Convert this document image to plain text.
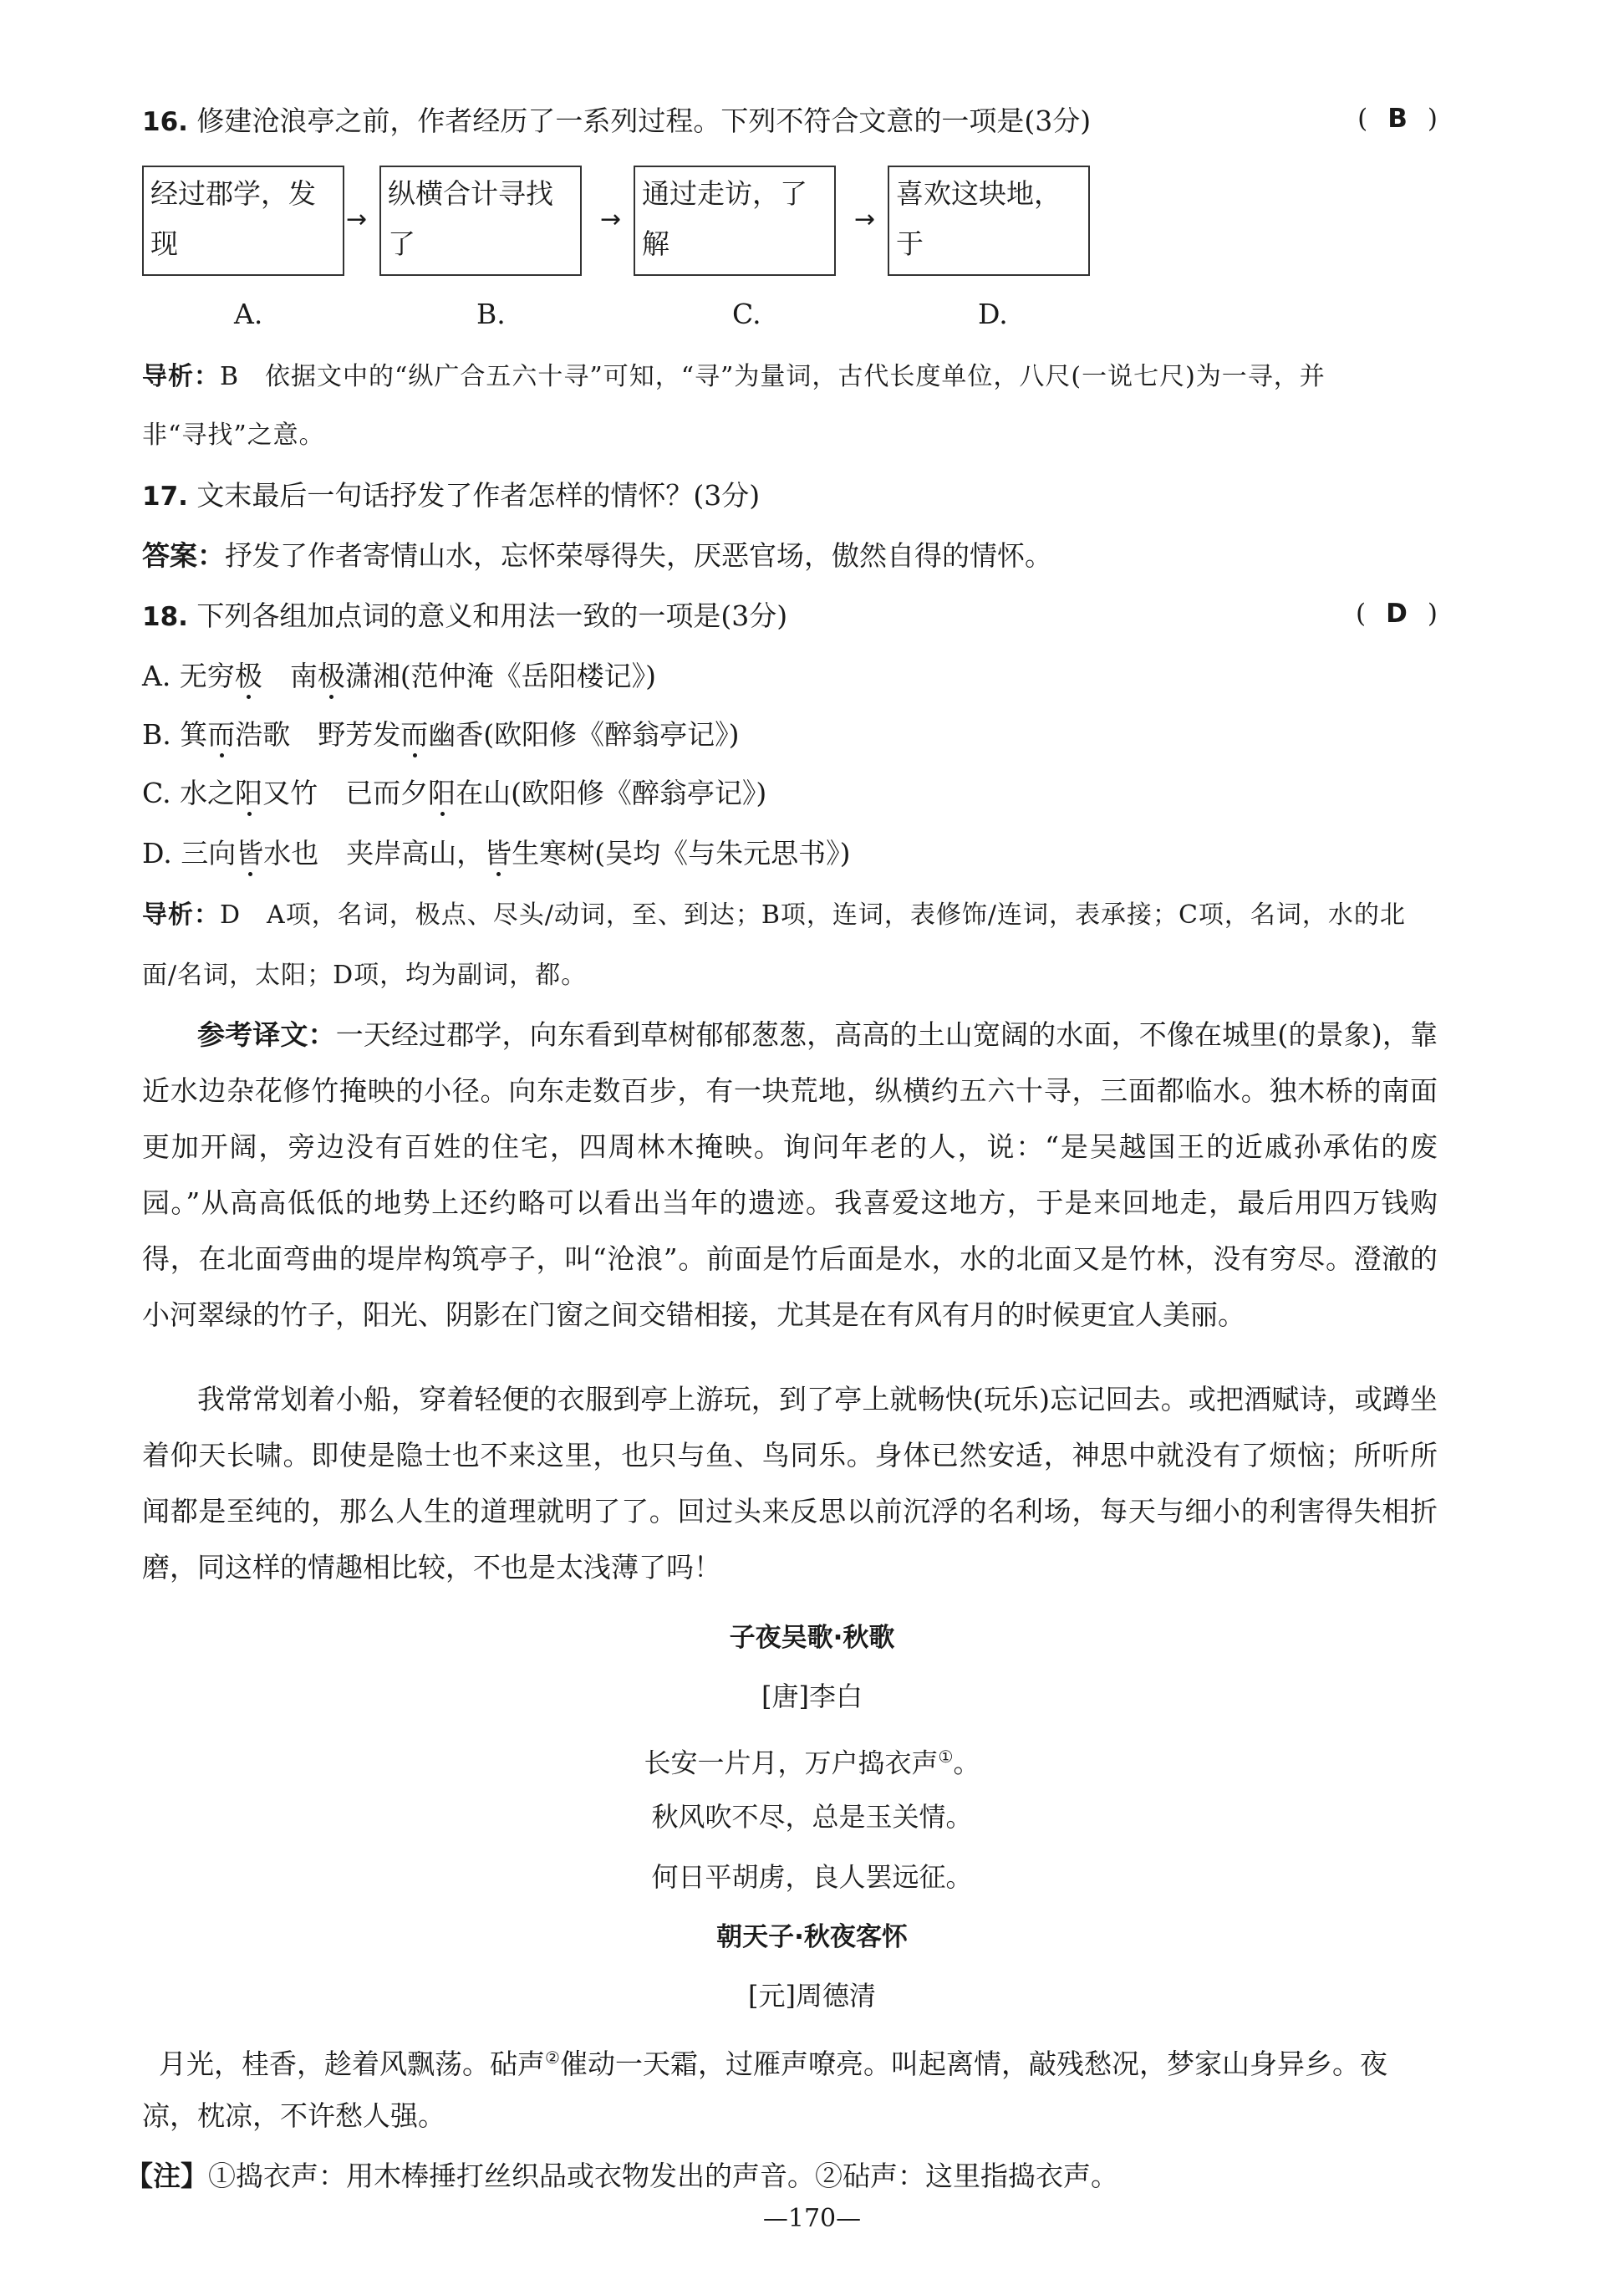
16. 修建沧浪亭之前，作者经历了一系列过程。下列不符合文意的一项是(3分)	( B )
经过郡学，发现
→
纵横合计寻找了
→
通过走访，了解
→
喜欢这块地，于
A.	B.	C.	D.
导析：B　依据文中的“纵广合五六十寻”可知，“寻”为量词，古代长度单位，八尺(一说七尺)为一寻，并
非“寻找”之意。
17. 文末最后一句话抒发了作者怎样的情怀？(3分)
答案：抒发了作者寄情山水，忘怀荣辱得失，厌恶官场，傲然自得的情怀。
18. 下列各组加点词的意义和用法一致的一项是(3分)	( D )
A. 无穷极　南极潇湘(范仲淹《岳阳楼记》)
B. 箕而浩歌　野芳发而幽香(欧阳修《醉翁亭记》)
C. 水之阳又竹　已而夕阳在山(欧阳修《醉翁亭记》)
D. 三向皆水也　夹岸高山，皆生寒树(吴均《与朱元思书》)
导析：D　A项，名词，极点、尽头/动词，至、到达；B项，连词，表修饰/连词，表承接；C项，名词，水的北
面/名词，太阳；D项，均为副词，都。
参考译文：一天经过郡学，向东看到草树郁郁葱葱，高高的土山宽阔的水面，不像在城里(的景象)，靠近水边杂花修竹掩映的小径。向东走数百步，有一块荒地，纵横约五六十寻，三面都临水。独木桥的南面更加开阔，旁边没有百姓的住宅，四周林木掩映。询问年老的人，说：“是吴越国王的近戚孙承佑的废园。”从高高低低的地势上还约略可以看出当年的遗迹。我喜爱这地方，于是来回地走，最后用四万钱购得，在北面弯曲的堤岸构筑亭子，叫“沧浪”。前面是竹后面是水，水的北面又是竹林，没有穷尽。澄澈的小河翠绿的竹子，阳光、阴影在门窗之间交错相接，尤其是在有风有月的时候更宜人美丽。
我常常划着小船，穿着轻便的衣服到亭上游玩，到了亭上就畅快(玩乐)忘记回去。或把酒赋诗，或蹲坐着仰天长啸。即使是隐士也不来这里，也只与鱼、鸟同乐。身体已然安适，神思中就没有了烦恼；所听所闻都是至纯的，那么人生的道理就明了了。回过头来反思以前沉浮的名利场，每天与细小的利害得失相折磨，同这样的情趣相比较，不也是太浅薄了吗！
子夜吴歌·秋歌
[唐]李白
长安一片月，万户捣衣声①。
秋风吹不尽，总是玉关情。
何日平胡虏，良人罢远征。
朝天子·秋夜客怀
[元]周德清
月光，桂香，趁着风飘荡。砧声②催动一天霜，过雁声嘹亮。叫起离情，敲残愁况，梦家山身异乡。夜
凉，枕凉，不许愁人强。
【注】①捣衣声：用木棒捶打丝织品或衣物发出的声音。②砧声：这里指捣衣声。
—170—
